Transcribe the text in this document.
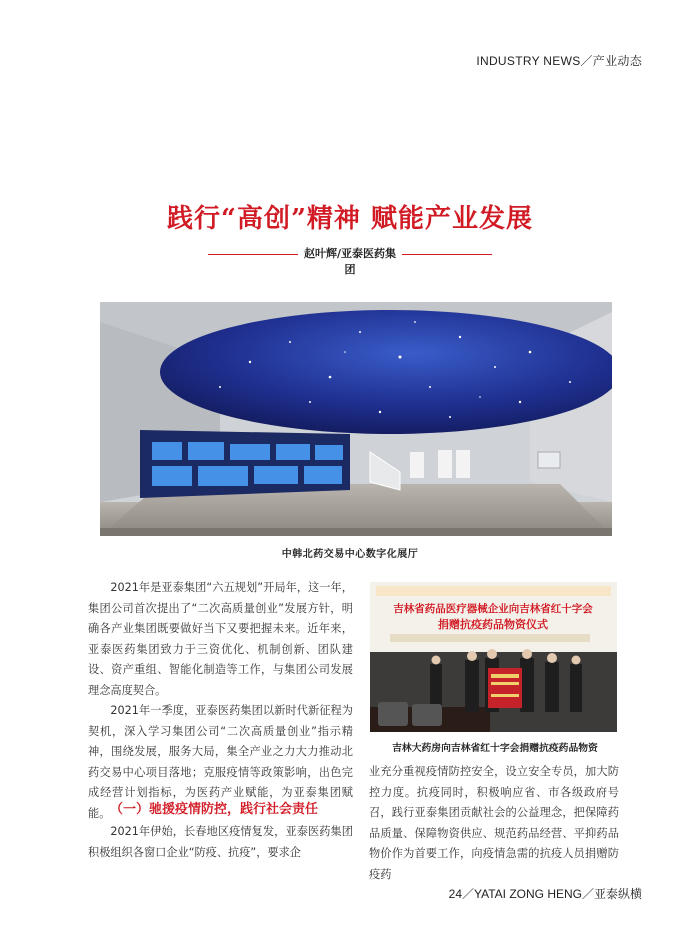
INDUSTRY NEWS／产业动态
践行“高创”精神 赋能产业发展
赵叶辉/亚泰医药集团
中韩北药交易中心数字化展厅

2021年是亚泰集团“六五规划”开局年，这一年，集团公司首次提出了“二次高质量创业”发展方针，明确各产业集团既要做好当下又要把握未来。近年来，亚泰医药集团致力于三资优化、机制创新、团队建设、资产重组、智能化制造等工作，与集团公司发展理念高度契合。

2021年一季度，亚泰医药集团以新时代新征程为契机，深入学习集团公司“二次高质量创业”指示精神，围绕发展，服务大局，集全产业之力大力推动北药交易中心项目落地；克服疫情等政策影响，出色完成经营计划指标，为医药产业赋能，为亚泰集团赋能。 （一）驰援疫情防控，践行社会责任

2021年伊始，长春地区疫情复发，亚泰医药集团积极组织各窗口企业“防疫、抗疫”，要求企

吉林省药品医疗器械企业向吉林省红十字会
捐赠抗疫药品物资仪式
吉林大药房向吉林省红十字会捐赠抗疫药品物资

业充分重视疫情防控安全，设立安全专员，加大防控力度。抗疫同时，积极响应省、市各级政府号召，践行亚泰集团贡献社会的公益理念，把保障药品质量、保障物资供应、规范药品经营、平抑药品物价作为首要工作，向疫情急需的抗疫人员捐赠防疫药

24／YATAI ZONG HENG／亚泰纵横
